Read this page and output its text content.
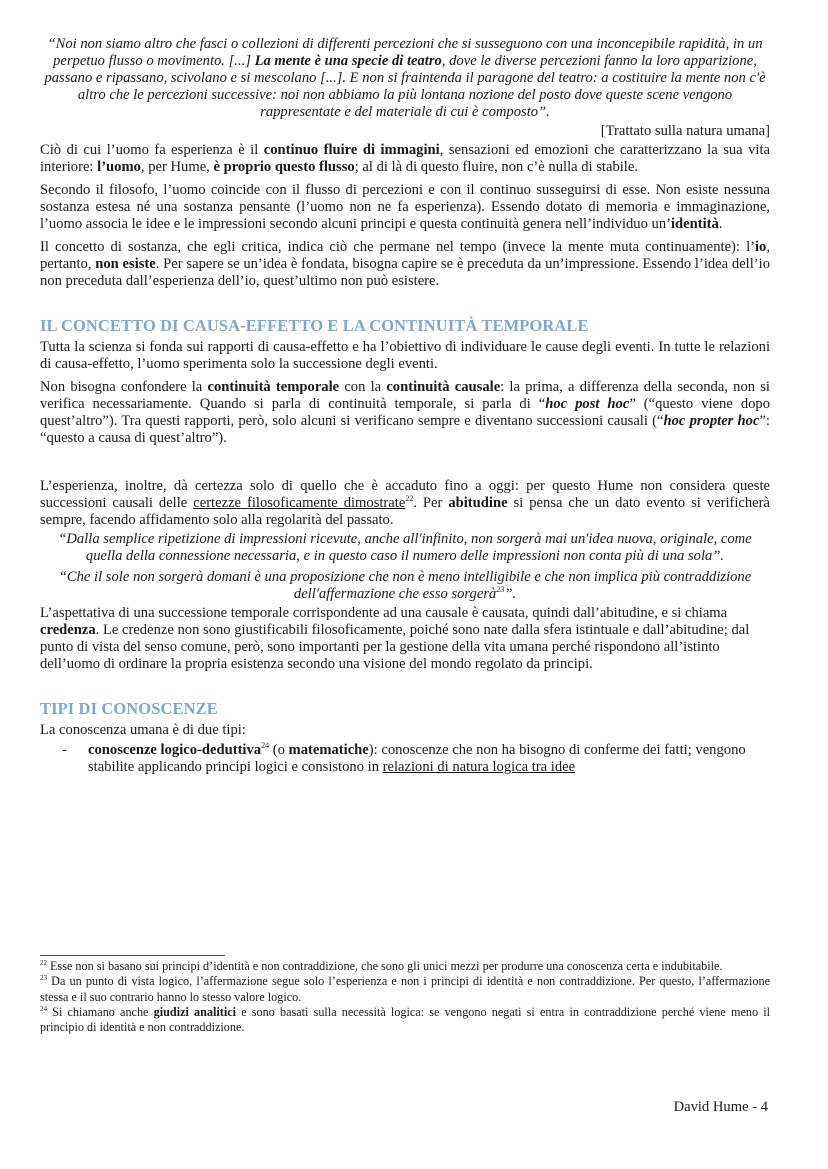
“Noi non siamo altro che fasci o collezioni di differenti percezioni che si susseguono con una inconcepibile rapidità, in un perpetuo flusso o movimento. [...] La mente è una specie di teatro, dove le diverse percezioni fanno la loro apparizione, passano e ripassano, scivolano e si mescolano [...]. E non si fraintenda il paragone del teatro: a costituire la mente non c'è altro che le percezioni successive: noi non abbiamo la più lontana nozione del posto dove queste scene vengono rappresentate e del materiale di cui è composto”.

[Trattato sulla natura umana]

Ciò di cui l’uomo fa esperienza è il continuo fluire di immagini, sensazioni ed emozioni che caratterizzano la sua vita interiore: l’uomo, per Hume, è proprio questo flusso; al di là di questo fluire, non c’è nulla di stabile.

Secondo il filosofo, l’uomo coincide con il flusso di percezioni e con il continuo susseguirsi di esse. Non esiste nessuna sostanza estesa né una sostanza pensante (l’uomo non ne fa esperienza). Essendo dotato di memoria e immaginazione, l’uomo associa le idee e le impressioni secondo alcuni principi e questa continuità genera nell’individuo un’identità.

Il concetto di sostanza, che egli critica, indica ciò che permane nel tempo (invece la mente muta continuamente): l’io, pertanto, non esiste. Per sapere se un’idea è fondata, bisogna capire se è preceduta da un’impressione. Essendo l’idea dell’io non preceduta dall’esperienza dell’io, quest’ultimo non può esistere.

IL CONCETTO DI CAUSA-EFFETTO E LA CONTINUITÀ TEMPORALE

Tutta la scienza si fonda sui rapporti di causa-effetto e ha l’obiettivo di individuare le cause degli eventi. In tutte le relazioni di causa-effetto, l’uomo sperimenta solo la successione degli eventi.

Non bisogna confondere la continuità temporale con la continuità causale: la prima, a differenza della seconda, non si verifica necessariamente. Quando si parla di continuità temporale, si parla di “hoc post hoc” (“questo viene dopo quest’altro”). Tra questi rapporti, però, solo alcuni si verificano sempre e diventano successioni causali (“hoc propter hoc”: “questo a causa di quest’altro”).

L’esperienza, inoltre, dà certezza solo di quello che è accaduto fino a oggi: per questo Hume non considera queste successioni causali delle certezze filosoficamente dimostrate$^{22}$. Per abitudine si pensa che un dato evento si verificherà sempre, facendo affidamento solo alla regolarità del passato.

“Dalla semplice ripetizione di impressioni ricevute, anche all'infinito, non sorgerà mai un'idea nuova, originale, come quella della connessione necessaria, e in questo caso il numero delle impressioni non conta più di una sola”.

“Che il sole non sorgerà domani è una proposizione che non è meno intelligibile e che non implica più contraddizione dell'affermazione che esso sorgerà$^{23}$”.

L’aspettativa di una successione temporale corrispondente ad una causale è causata, quindi dall’abitudine, e si chiama credenza. Le credenze non sono giustificabili filosoficamente, poiché sono nate dalla sfera istintuale e dall’abitudine; dal punto di vista del senso comune, però, sono importanti per la gestione della vita umana perché rispondono all’istinto dell’uomo di ordinare la propria esistenza secondo una visione del mondo regolato da principi.

TIPI DI CONOSCENZE

La conoscenza umana è di due tipi:

-	conoscenze logico-deduttiva$^{24}$ (o matematiche): conoscenze che non ha bisogno di conferme dei fatti; vengono stabilite applicando principi logici e consistono in relazioni di natura logica tra idee

$^{22}$ Esse non si basano sui principi d’identità e non contraddizione, che sono gli unici mezzi per produrre una conoscenza certa e indubitabile.

$^{23}$ Da un punto di vista logico, l’affermazione segue solo l’esperienza e non i principi di identità e non contraddizione. Per questo, l’affermazione stessa e il suo contrario hanno lo stesso valore logico.

$^{24}$ Si chiamano anche giudizi analitici e sono basati sulla necessità logica: se vengono negati si entra in contraddizione perché viene meno il principio di identità e non contraddizione.

David Hume - 4
